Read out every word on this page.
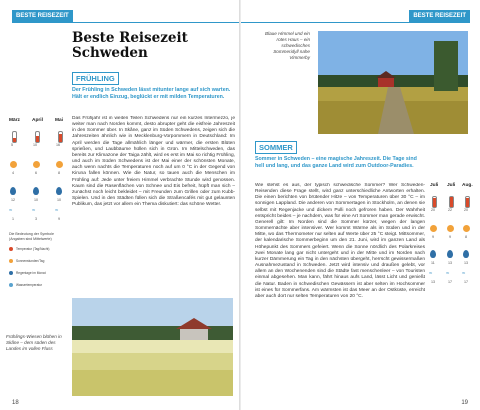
BESTE REISEZEIT
18
Beste Reisezeit Schweden
FRÜHLING
Der Frühling in Schweden lässt mitunter lange auf sich warten. Hält er endlich Einzug, beglückt er mit milden Temperaturen.
März	April	Mai
5	10	16
4	6	8
12	10	10
≈	≈	≈
1	3	9
Die Bedeutung der Symbole (Angaben sind Mittelwerte)
Temperatur (Tag/Nacht)
Sonnenstunden/Tag
Regentage im Monat
Wassertemperatur
Das Frühjahr ist in weiten Teilen Schwedens nur ein kurzes Intermezzo, je weiter man nach Norden kommt, desto abrupter geht die eisfreie Jahreszeit in den Sommer über. In Skåne, ganz im Süden Schwedens, zeigen sich die Jahreszeiten ähnlich wie in Mecklenburg-Vorpommern in Deutschland: Im April werden die Tage allmählich länger und wärmer, die ersten Blüten sprießen, und Laubbäume hüllen sich in Grün. Im Mittelschweden, das bereits zur Klimazone der Taiga zählt, wird es erst im Mai so richtig Frühling, und auch im Süden Schwedens ist der Mai einer der schönsten Monate, auch wenn nachts die Temperaturen noch auf um 0 °C in der Gegend von Kiruna fallen können. Wie die Natur, so tauen auch die Menschen im Frühling auf: Jede unter freiem Himmel verbrachte Stunde wird genossen. Kaum sind die Rasenflächen von Schnee und Eis befreit, hüpft man sich – zunächst noch leicht bekleidet – mit Freunden zum Grillen oder zum Kubb-Spielen. Und in den Städten füllen sich die Straßencafés mit gut gelaunten Publikum, das jetzt vor allem ein Thema diskutiert: das schöne Wetter.
Frühlings-Wiesen blühen in Skåne – dem süden des Landes im vollen Fluss
BESTE REISEZEIT
19
Blaue Himmel und ein rotes Haus – ein schwedisches Sommeridyll nahe Vimmerby
SOMMER
Sommer in Schweden – eine magische Jahreszeit. Die Tage sind hell und lang, und das ganze Land wird zum Outdoor-Paradies.
Wie stehst es aus, der typisch schwedische Sommer? Wer Schweden-Reisenden diese Frage stellt, wird ganz unterschiedliche Antworten erhalten. Die einen berichten von brütender Hitze – von Temperaturen über 30 °C – im sonnigen Lappland. Die anderen von Sommertagen in Stockholm, an denen sie selbst mit Regenjacke und dickem Pulli noch gefroren haben. Der Wahrheit entspricht beides – je nachdem, was für eine Art Sommer man gerade erwischt. Generell gilt: Im Norden sind die Sommer kürzer, wegen der langen Sommernächte aber intensiver. Wer kommt Wärme als im Süden und in der Mitte, wo das Thermometer nur selten auf Werte über 25 °C steigt. Mittsommer, der kalendarische Sommerbeginn um den 21. Juni, wird im ganzen Land als Höhepunkt des Sommers gefeiert. Wenn die Sonne nördlich des Polarkreises zwei Monate lang gar nicht untergeht und in der Mitte und im Norden nach kurzer Dämmerung ein Tag in den nächsten übergeht, herrscht gewissermaßen Ausnahmezustand in Schweden. Jetzt wird intensiv und draußen gelebt, vor allem an den Wochenenden sind die Städte fast menschenleer – von Touristen einmal abgesehen. Man kann, fährt hinaus aufs Land, lässt Licht und genießt die Natur. Baden in schwedischen Gewässern ist aber selten im Hochsommer ist eines für Sommerfans. Am wärmsten ist das Meer an der Ostküste, erreicht aber auch dort nur selten Temperaturen von 20 °C.
Juli Juli Aug.
20	22	20
9	9	8
11	13	13
≈ ≈ ≈
13	17	17
